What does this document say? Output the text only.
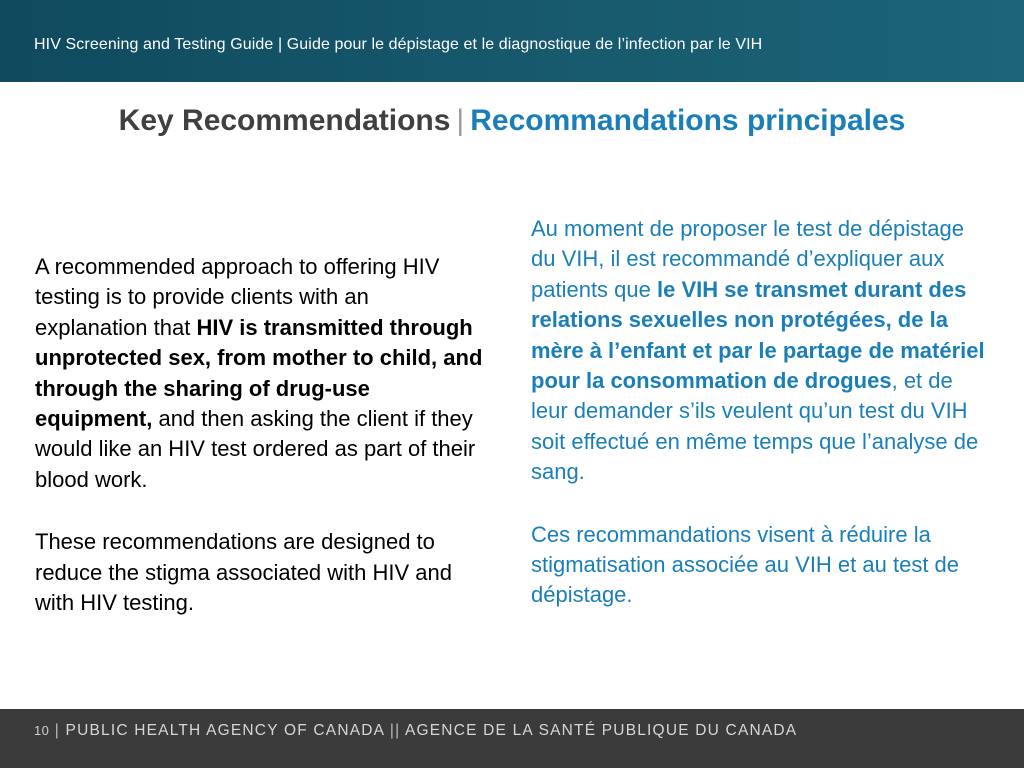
HIV Screening and Testing Guide | Guide pour le dépistage et le diagnostique de l’infection par le VIH
Key Recommendations | Recommandations principales

A recommended approach to offering HIV testing is to provide clients with an explanation that HIV is transmitted through unprotected sex, from mother to child, and through the sharing of drug-use equipment, and then asking the client if they would like an HIV test ordered as part of their blood work.

These recommendations are designed to reduce the stigma associated with HIV and with HIV testing.

Au moment de proposer le test de dépistage du VIH, il est recommandé d’expliquer aux patients que le VIH se transmet durant des relations sexuelles non protégées, de la mère à l’enfant et par le partage de matériel pour la consommation de drogues, et de leur demander s’ils veulent qu’un test du VIH soit effectué en même temps que l’analyse de sang.

Ces recommandations visent à réduire la stigmatisation associée au VIH et au test de dépistage.

10 | PUBLIC HEALTH AGENCY OF CANADA || AGENCE DE LA SANTÉ PUBLIQUE DU CANADA
